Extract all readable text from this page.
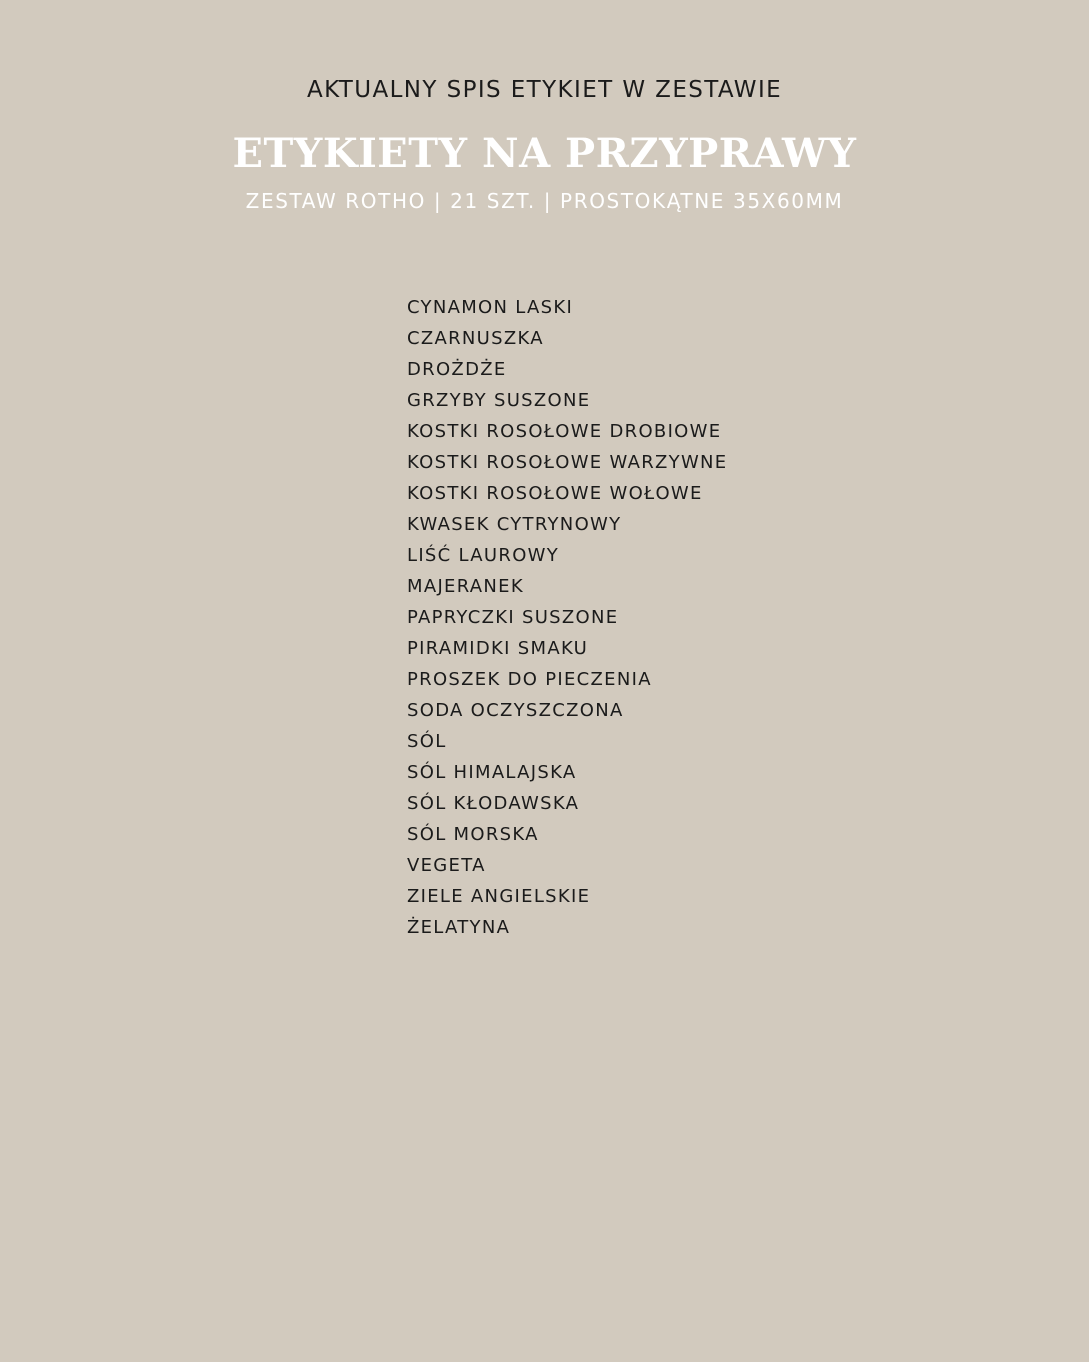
AKTUALNY SPIS ETYKIET W ZESTAWIE
ETYKIETY NA PRZYPRAWY
ZESTAW ROTHO | 21 SZT. | PROSTOKĄTNE 35X60MM
CYNAMON LASKI
CZARNUSZKA
DROŻDŻE
GRZYBY SUSZONE
KOSTKI ROSOŁOWE DROBIOWE
KOSTKI ROSOŁOWE WARZYWNE
KOSTKI ROSOŁOWE WOŁOWE
KWASEK CYTRYNOWY
LIŚĆ LAUROWY
MAJERANEK
PAPRYCZKI SUSZONE
PIRAMIDKI SMAKU
PROSZEK DO PIECZENIA
SODA OCZYSZCZONA
SÓL
SÓL HIMALAJSKA
SÓL KŁODAWSKA
SÓL MORSKA
VEGETA
ZIELE ANGIELSKIE
ŻELATYNA
